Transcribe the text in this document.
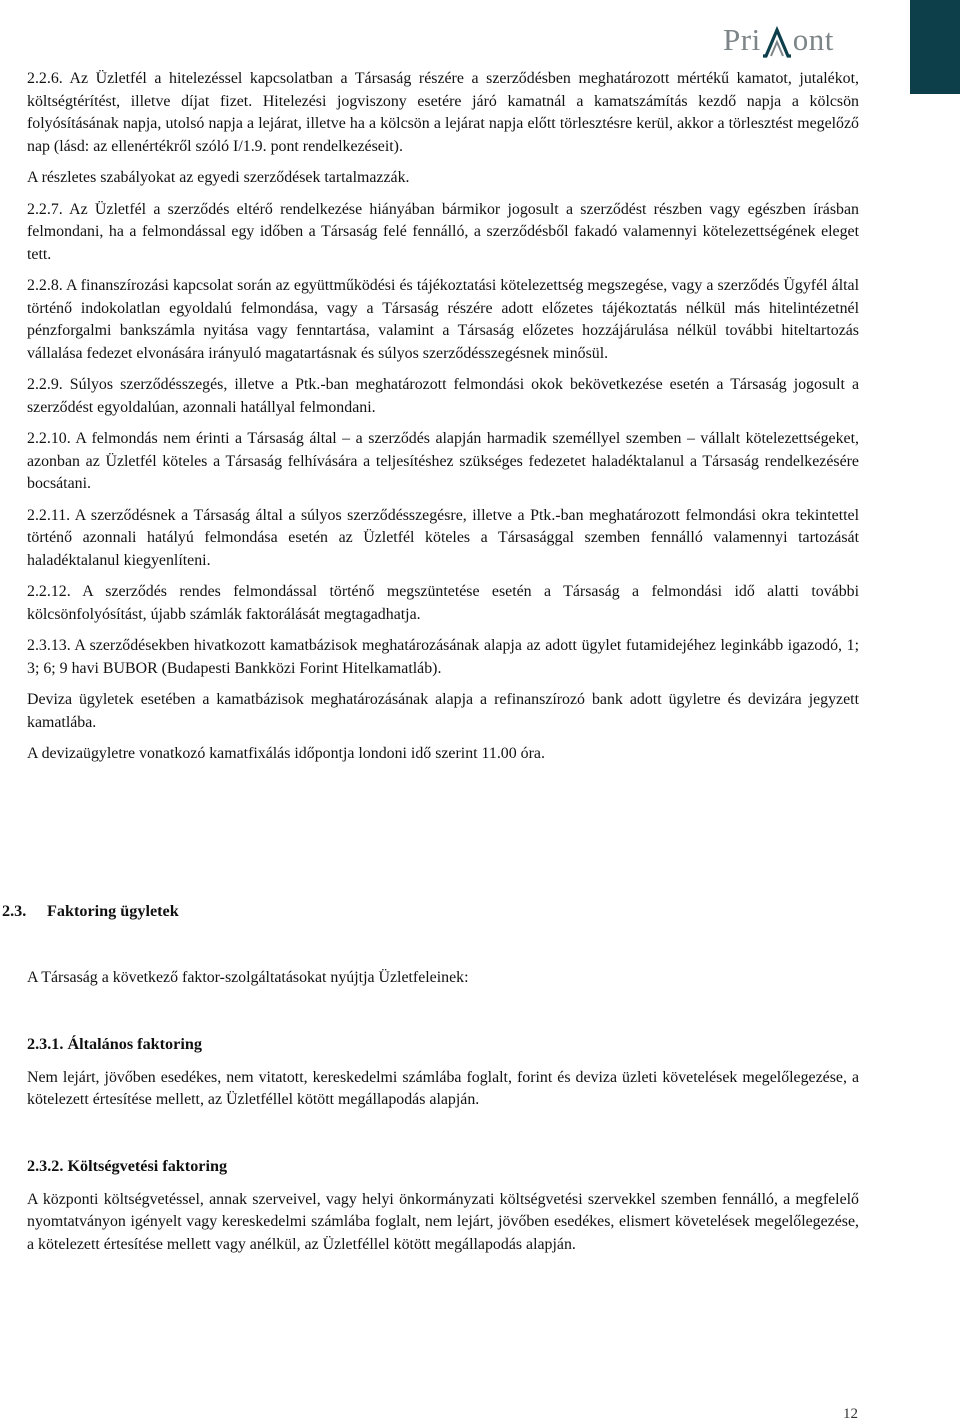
Pri ont

2.2.6. Az Üzletfél a hitelezéssel kapcsolatban a Társaság részére a szerződésben meghatározott mértékű kamatot, jutalékot, költségtérítést, illetve díjat fizet. Hitelezési jogviszony esetére járó kamatnál a kamatszámítás kezdő napja a kölcsön folyósításának napja, utolsó napja a lejárat, illetve ha a kölcsön a lejárat napja előtt törlesztésre kerül, akkor a törlesztést megelőző nap (lásd: az ellenértékről szóló I/1.9. pont rendelkezéseit).

A részletes szabályokat az egyedi szerződések tartalmazzák.

2.2.7. Az Üzletfél a szerződés eltérő rendelkezése hiányában bármikor jogosult a szerződést részben vagy egészben írásban felmondani, ha a felmondással egy időben a Társaság felé fennálló, a szerződésből fakadó valamennyi kötelezettségének eleget tett.

2.2.8. A finanszírozási kapcsolat során az együttműködési és tájékoztatási kötelezettség megszegése, vagy a szerződés Ügyfél által történő indokolatlan egyoldalú felmondása, vagy a Társaság részére adott előzetes tájékoztatás nélkül más hitelintézetnél pénzforgalmi bankszámla nyitása vagy fenntartása, valamint a Társaság előzetes hozzájárulása nélkül további hiteltartozás vállalása fedezet elvonására irányuló magatartásnak és súlyos szerződésszegésnek minősül.

2.2.9. Súlyos szerződésszegés, illetve a Ptk.-ban meghatározott felmondási okok bekövetkezése esetén a Társaság jogosult a szerződést egyoldalúan, azonnali hatállyal felmondani.

2.2.10. A felmondás nem érinti a Társaság által – a szerződés alapján harmadik személlyel szemben – vállalt kötelezettségeket, azonban az Üzletfél köteles a Társaság felhívására a teljesítéshez szükséges fedezetet haladéktalanul a Társaság rendelkezésére bocsátani.

2.2.11. A szerződésnek a Társaság által a súlyos szerződésszegésre, illetve a Ptk.-ban meghatározott felmondási okra tekintettel történő azonnali hatályú felmondása esetén az Üzletfél köteles a Társasággal szemben fennálló valamennyi tartozását haladéktalanul kiegyenlíteni.

2.2.12. A szerződés rendes felmondással történő megszüntetése esetén a Társaság a felmondási idő alatti további kölcsönfolyósítást, újabb számlák faktorálását megtagadhatja.

2.3.13. A szerződésekben hivatkozott kamatbázisok meghatározásának alapja az adott ügylet futamidejéhez leginkább igazodó, 1; 3; 6; 9 havi BUBOR (Budapesti Bankközi Forint Hitelkamatláb).

Deviza ügyletek esetében a kamatbázisok meghatározásának alapja a refinanszírozó bank adott ügyletre és devizára jegyzett kamatlába.

A devizaügyletre vonatkozó kamatfixálás időpontja londoni idő szerint 11.00 óra.

2.3. Faktoring ügyletek

A Társaság a következő faktor-szolgáltatásokat nyújtja Üzletfeleinek:

2.3.1. Általános faktoring

Nem lejárt, jövőben esedékes, nem vitatott, kereskedelmi számlába foglalt, forint és deviza üzleti követelések megelőlegezése, a kötelezett értesítése mellett, az Üzletféllel kötött megállapodás alapján.

2.3.2. Költségvetési faktoring

A központi költségvetéssel, annak szerveivel, vagy helyi önkormányzati költségvetési szervekkel szemben fennálló, a megfelelő nyomtatványon igényelt vagy kereskedelmi számlába foglalt, nem lejárt, jövőben esedékes, elismert követelések megelőlegezése, a kötelezett értesítése mellett vagy anélkül, az Üzletféllel kötött megállapodás alapján.

12
